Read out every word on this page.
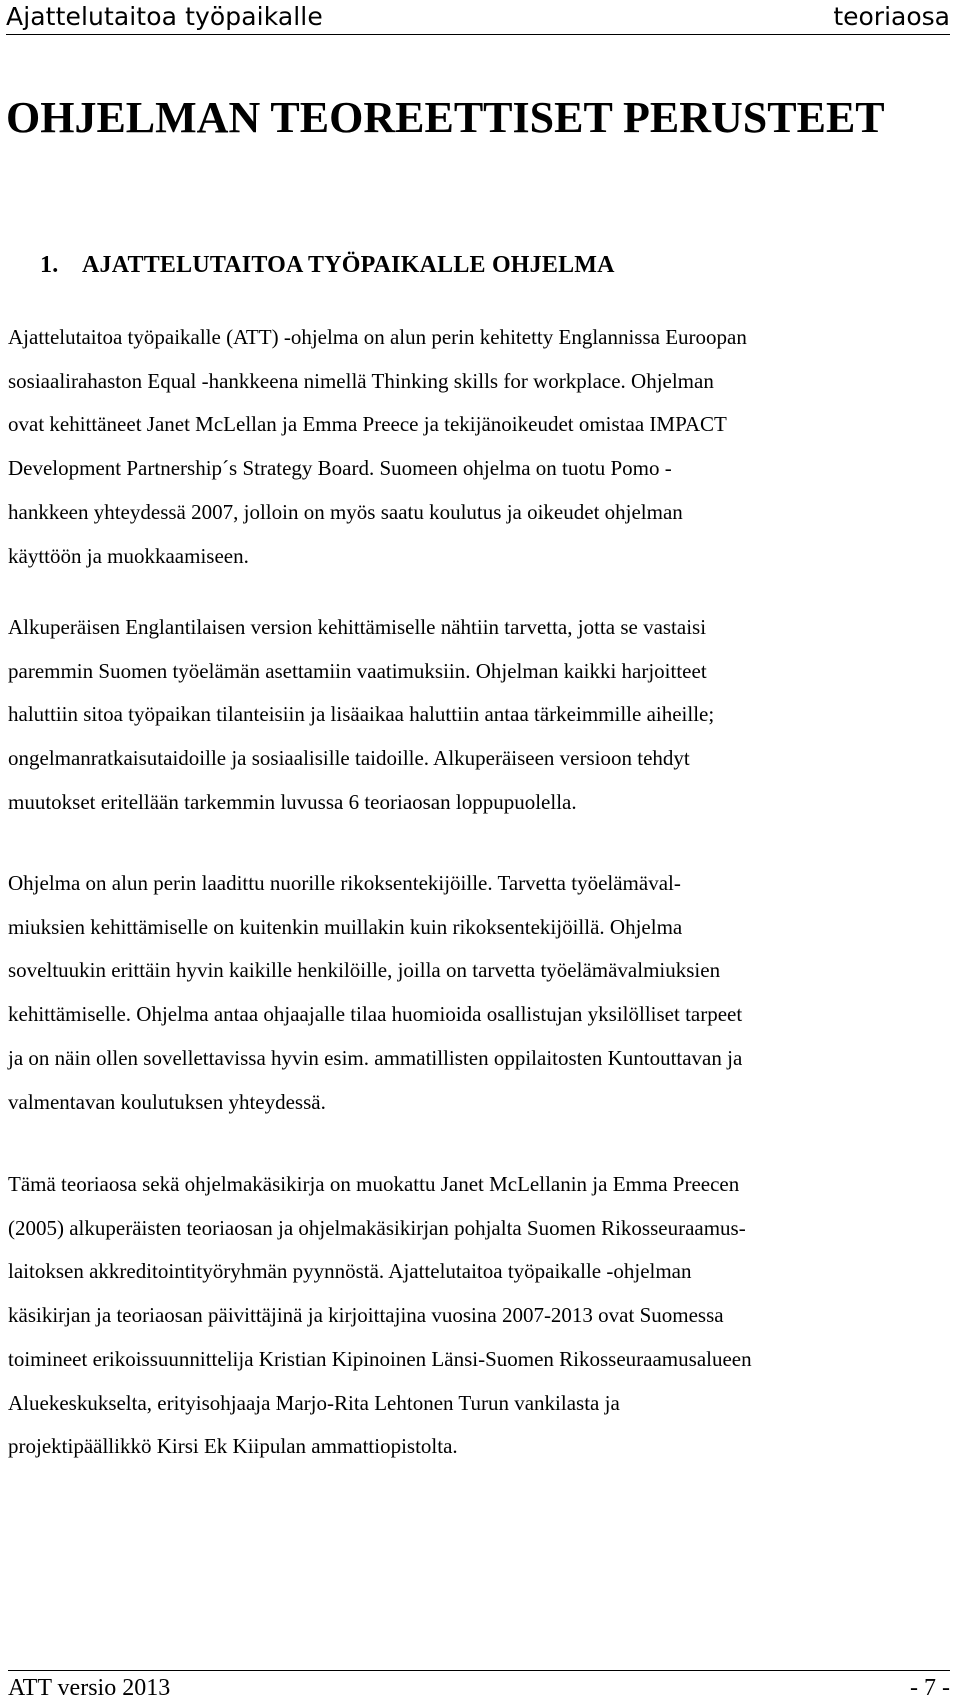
Ajattelutaitoa työpaikalle	teoriaosa
OHJELMAN TEOREETTISET PERUSTEET
1. AJATTELUTAITOA TYÖPAIKALLE OHJELMA

Ajattelutaitoa työpaikalle (ATT) -ohjelma on alun perin kehitetty Englannissa Euroopan
sosiaalirahaston Equal -hankkeena nimellä Thinking skills for workplace. Ohjelman
ovat kehittäneet Janet McLellan ja Emma Preece ja tekijänoikeudet omistaa IMPACT
Development Partnership´s Strategy Board. Suomeen ohjelma on tuotu Pomo -
hankkeen yhteydessä 2007, jolloin on myös saatu koulutus ja oikeudet ohjelman
käyttöön ja muokkaamiseen.

Alkuperäisen Englantilaisen version kehittämiselle nähtiin tarvetta, jotta se vastaisi
paremmin Suomen työelämän asettamiin vaatimuksiin. Ohjelman kaikki harjoitteet
haluttiin sitoa työpaikan tilanteisiin ja lisäaikaa haluttiin antaa tärkeimmille aiheille;
ongelmanratkaisutaidoille ja sosiaalisille taidoille. Alkuperäiseen versioon tehdyt
muutokset eritellään tarkemmin luvussa 6 teoriaosan loppupuolella.

Ohjelma on alun perin laadittu nuorille rikoksentekijöille. Tarvetta työelämäval-
miuksien kehittämiselle on kuitenkin muillakin kuin rikoksentekijöillä. Ohjelma
soveltuukin erittäin hyvin kaikille henkilöille, joilla on tarvetta työelämävalmiuksien
kehittämiselle. Ohjelma antaa ohjaajalle tilaa huomioida osallistujan yksilölliset tarpeet
ja on näin ollen sovellettavissa hyvin esim. ammatillisten oppilaitosten Kuntouttavan ja
valmentavan koulutuksen yhteydessä.

Tämä teoriaosa sekä ohjelmakäsikirja on muokattu Janet McLellanin ja Emma Preecen
(2005) alkuperäisten teoriaosan ja ohjelmakäsikirjan pohjalta Suomen Rikosseuraamus-
laitoksen akkreditointityöryhmän pyynnöstä. Ajattelutaitoa työpaikalle -ohjelman
käsikirjan ja teoriaosan päivittäjinä ja kirjoittajina vuosina 2007-2013 ovat Suomessa
toimineet erikoissuunnittelija Kristian Kipinoinen Länsi-Suomen Rikosseuraamusalueen
Aluekeskukselta, erityisohjaaja Marjo-Rita Lehtonen Turun vankilasta ja
projektipäällikkö Kirsi Ek Kiipulan ammattiopistolta.

ATT versio 2013	- 7 -
